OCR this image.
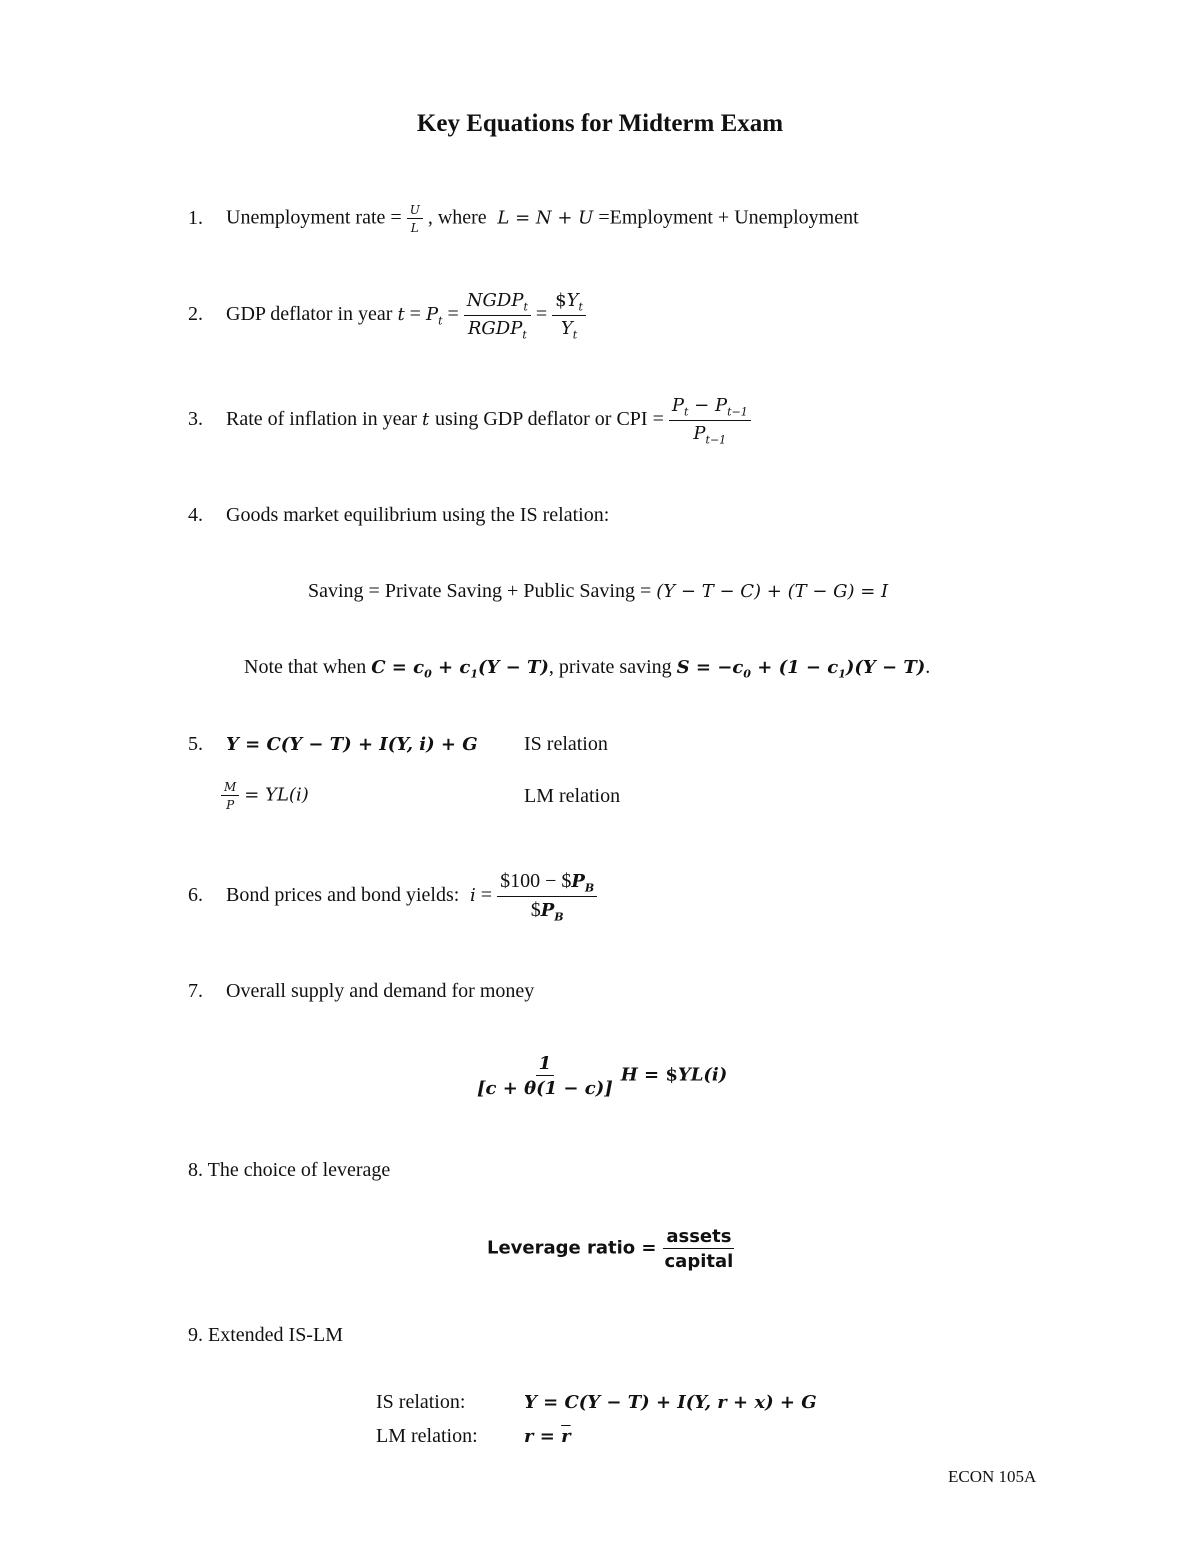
Key Equations for Midterm Exam
1. Unemployment rate = $\frac{U}{L}$ , where  L = N + U =Employment + Unemployment
2. GDP deflator in year $t = P_t = \frac{NGDP_t}{RGDP_t} = \frac{\$Y_t}{Y_t}$
3. Rate of inflation in year t using GDP deflator or CPI = $\frac{P_t - P_{t-1}}{P_{t-1}}$
4. Goods market equilibrium using the IS relation:
Saving = Private Saving + Public Saving = (Y − T − C) + (T − G) = I
Note that when $C = c_0 + c_1(Y - T)$, private saving $S = -c_0 + (1 - c_1)(Y - T)$.
5. Y = C(Y − T) + I(Y, i) + G IS relation
$\frac{M}{P} = YL(i)$	LM relation
6. Bond prices and bond yields:  $i = \frac{\$100 - \$P_B}{\$P_B}$
7. Overall supply and demand for money
$\frac{1}{[c + \theta(1 - c)]}$ H = $YL(i)
8. The choice of leverage
Leverage ratio = $\frac{\text{assets}}{\text{capital}}$
9. Extended IS-LM
IS relation:	Y = C(Y − T) + I(Y, r + x) + G
LM relation:	$r = \overline{r}$
ECON 105A
